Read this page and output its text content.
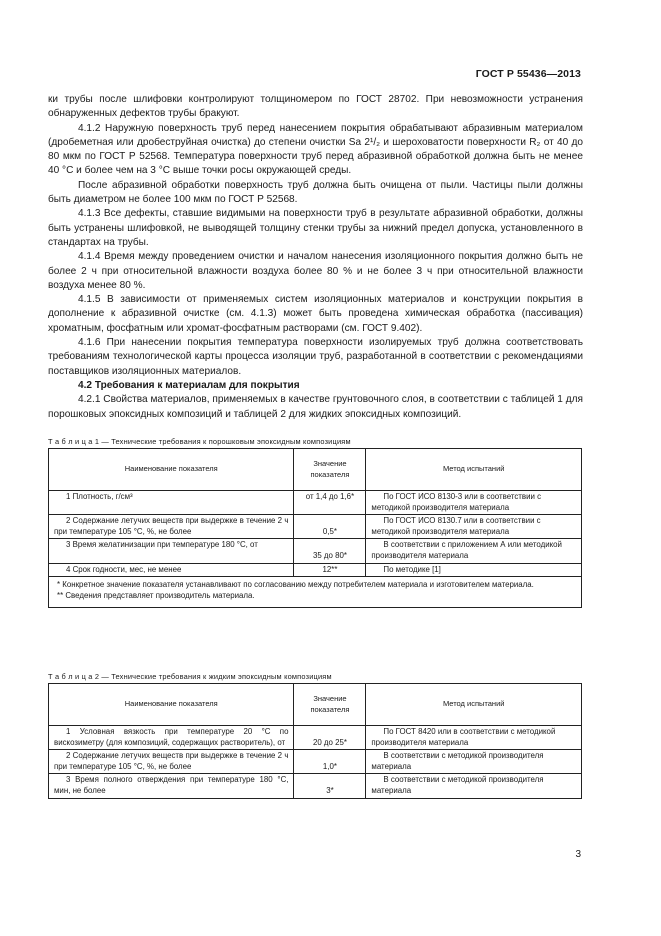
ГОСТ Р 55436—2013

ки трубы после шлифовки контролируют толщиномером по ГОСТ 28702. При невозможности устранения обнаруженных дефектов трубы бракуют.

4.1.2 Наружную поверхность труб перед нанесением покрытия обрабатывают абразивным материалом (дробеметная или дробеструйная очистка) до степени очистки Sa 2¹/₂ и шероховатости поверхности R₂ от 40 до 80 мкм по ГОСТ Р 52568. Температура поверхности труб перед абразивной обработкой должна быть не менее 40 °С и более чем на 3 °С выше точки росы окружающей среды.

После абразивной обработки поверхность труб должна быть очищена от пыли. Частицы пыли должны быть диаметром не более 100 мкм по ГОСТ Р 52568.

4.1.3 Все дефекты, ставшие видимыми на поверхности труб в результате абразивной обработки, должны быть устранены шлифовкой, не выводящей толщину стенки трубы за нижний предел допуска, установленного в стандартах на трубы.

4.1.4 Время между проведением очистки и началом нанесения изоляционного покрытия должно быть не более 2 ч при относительной влажности воздуха более 80 % и не более 3 ч при относительной влажности воздуха менее 80 %.

4.1.5 В зависимости от применяемых систем изоляционных материалов и конструкции покрытия в дополнение к абразивной очистке (см. 4.1.3) может быть проведена химическая обработка (пассивация) хроматным, фосфатным или хромат-фосфатным растворами (см. ГОСТ 9.402).

4.1.6 При нанесении покрытия температура поверхности изолируемых труб должна соответствовать требованиям технологической карты процесса изоляции труб, разработанной в соответствии с рекомендациями поставщиков изоляционных материалов.

4.2 Требования к материалам для покрытия

4.2.1 Свойства материалов, применяемых в качестве грунтовочного слоя, в соответствии с таблицей 1 для порошковых эпоксидных композиций и таблицей 2 для жидких эпоксидных композиций.

Т а б л и ц а 1 — Технические требования к порошковым эпоксидным композициям
Наименование показателя	Значение показателя	Метод испытаний
1 Плотность, г/см³	от 1,4 до 1,6*	По ГОСТ ИСО 8130-3 или в соответствии с методикой производителя материала
2 Содержание летучих веществ при выдержке в течение 2 ч при температуре 105 °С, %, не более	0,5*	По ГОСТ ИСО 8130.7 или в соответствии с методикой производителя материала
3 Время желатинизации при температуре 180 °С, от	35 до 80*	В соответствии с приложением А или методикой производителя материала
4 Срок годности, мес, не менее	12**	По методике [1]

* Конкретное значение показателя устанавливают по согласованию между потребителем материала и изготовителем материала.
** Сведения представляет производитель материала.		
Т а б л и ц а 2 — Технические требования к жидким эпоксидным композициям
Наименование показателя	Значение показателя	Метод испытаний
1 Условная вязкость при температуре 20 °С по вискозиметру (для композиций, содержащих растворитель), от	20 до 25*	По ГОСТ 8420 или в соответствии с методикой производителя материала
2 Содержание летучих веществ при выдержке в течение 2 ч при температуре 105 °С, %, не более	1,0*	В соответствии с методикой производителя материала
3 Время полного отверждения при температуре 180 °С, мин, не более	3*	В соответствии с методикой производителя материала
3
